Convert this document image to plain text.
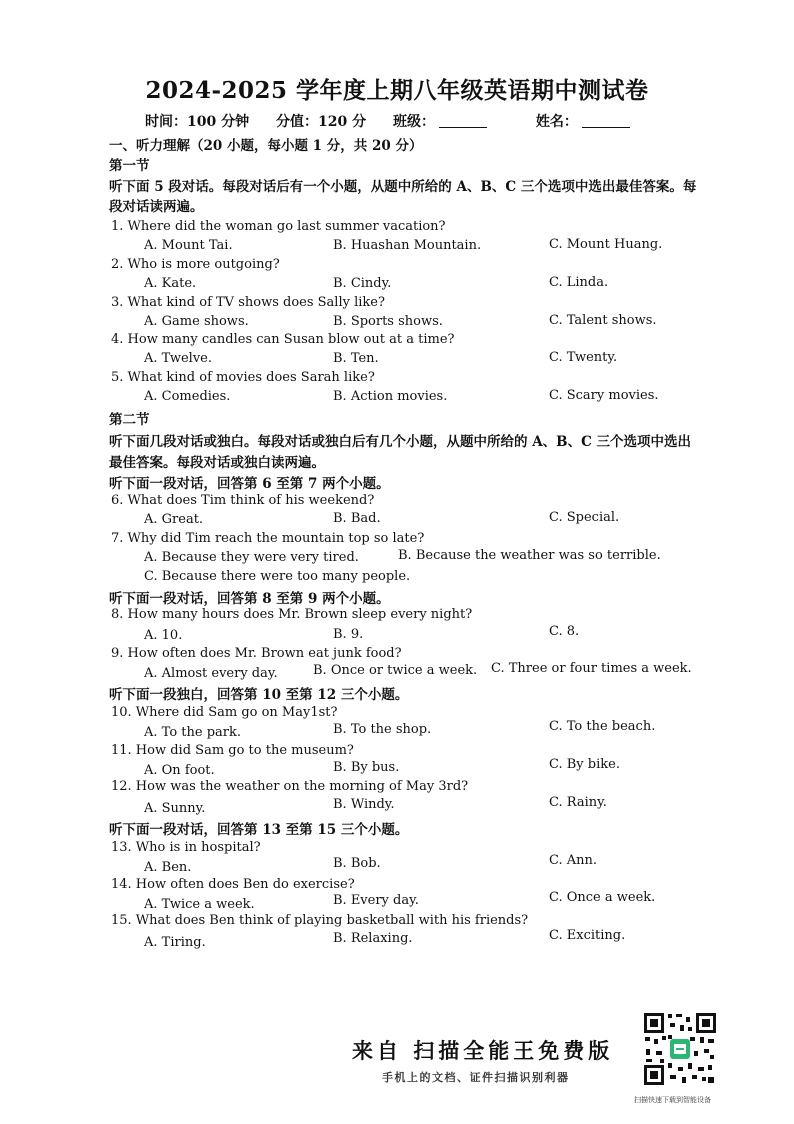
2024-2025 学年度上期八年级英语期中测试卷
时间：100 分钟 分值：120 分 班级：	姓名：
一、听力理解（20 小题，每小题 1 分，共 20 分）
第一节
听下面 5 段对话。每段对话后有一个小题，从题中所给的 A、B、C 三个选项中选出最佳答案。每
段对话读两遍。
1. Where did the woman go last summer vacation?
A. Mount Tai.	B. Huashan Mountain.	C. Mount Huang.
2. Who is more outgoing?
A. Kate.	B. Cindy.	C. Linda.
3. What kind of TV shows does Sally like?
A. Game shows.	B. Sports shows.	C. Talent shows.
4. How many candles can Susan blow out at a time?
A. Twelve.	B. Ten.	C. Twenty.
5. What kind of movies does Sarah like?
A. Comedies.	B. Action movies.	C. Scary movies.
第二节
听下面几段对话或独白。每段对话或独白后有几个小题，从题中所给的 A、B、C 三个选项中选出
最佳答案。每段对话或独白读两遍。
听下面一段对话，回答第 6 至第 7 两个小题。
6. What does Tim think of his weekend?
A. Great.	B. Bad.	C. Special.
7. Why did Tim reach the mountain top so late?
A. Because they were very tired.	B. Because the weather was so terrible.
C. Because there were too many people.
听下面一段对话，回答第 8 至第 9 两个小题。
8. How many hours does Mr. Brown sleep every night?
A. 10.	B. 9.	C. 8.
9. How often does Mr. Brown eat junk food?
A. Almost every day.	B. Once or twice a week. C. Three or four times a week.
听下面一段独白，回答第 10 至第 12 三个小题。
10. Where did Sam go on May1st?
A. To the park.	B. To the shop.	C. To the beach.
11. How did Sam go to the museum?
A. On foot.	B. By bus.	C. By bike.
12. How was the weather on the morning of May 3rd?
A. Sunny.	B. Windy.	C. Rainy.
听下面一段对话，回答第 13 至第 15 三个小题。
13. Who is in hospital?
A. Ben.	B. Bob.	C. Ann.
14. How often does Ben do exercise?
A. Twice a week.	B. Every day.	C. Once a week.
15. What does Ben think of playing basketball with his friends?
A. Tiring.	B. Relaxing.	C. Exciting.
来自 扫描全能王免费版
手机上的文档、证件扫描识别利器
扫描快速下载到智能设备
